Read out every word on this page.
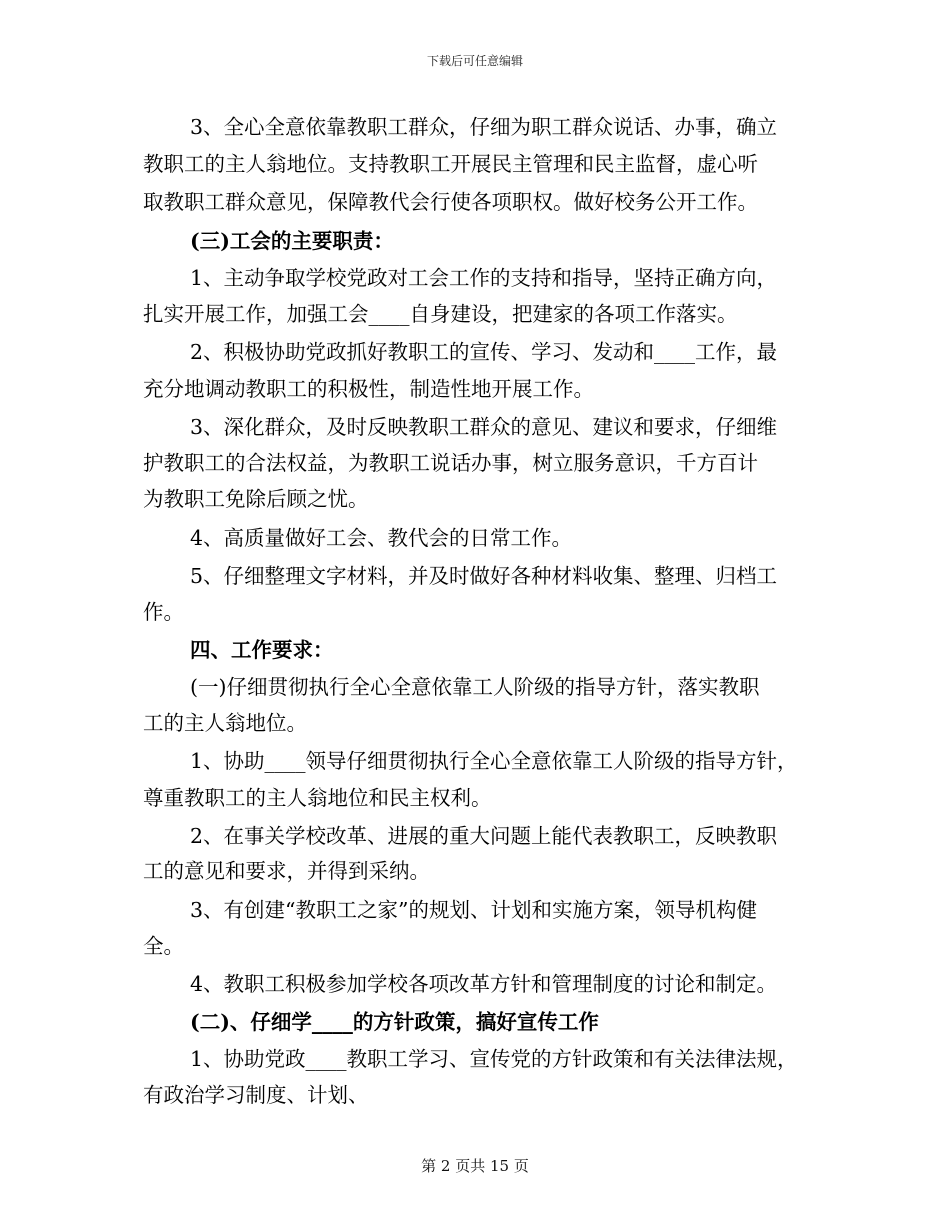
下载后可任意编辑
3、全心全意依靠教职工群众，仔细为职工群众说话、办事，确立
教职工的主人翁地位。支持教职工开展民主管理和民主监督，虚心听
取教职工群众意见，保障教代会行使各项职权。做好校务公开工作。
(三)工会的主要职责：
1、主动争取学校党政对工会工作的支持和指导，坚持正确方向，
扎实开展工作，加强工会____自身建设，把建家的各项工作落实。
2、积极协助党政抓好教职工的宣传、学习、发动和____工作，最
充分地调动教职工的积极性，制造性地开展工作。
3、深化群众，及时反映教职工群众的意见、建议和要求，仔细维
护教职工的合法权益，为教职工说话办事，树立服务意识，千方百计
为教职工免除后顾之忧。
4、高质量做好工会、教代会的日常工作。
5、仔细整理文字材料，并及时做好各种材料收集、整理、归档工
作。
四、工作要求：
(一)仔细贯彻执行全心全意依靠工人阶级的指导方针，落实教职
工的主人翁地位。
1、协助____领导仔细贯彻执行全心全意依靠工人阶级的指导方针，
尊重教职工的主人翁地位和民主权利。
2、在事关学校改革、进展的重大问题上能代表教职工，反映教职
工的意见和要求，并得到采纳。
3、有创建“教职工之家”的规划、计划和实施方案，领导机构健
全。
4、教职工积极参加学校各项改革方针和管理制度的讨论和制定。
(二)、仔细学____的方针政策，搞好宣传工作
1、协助党政____教职工学习、宣传党的方针政策和有关法律法规，
有政治学习制度、计划、
第 2 页共 15 页
